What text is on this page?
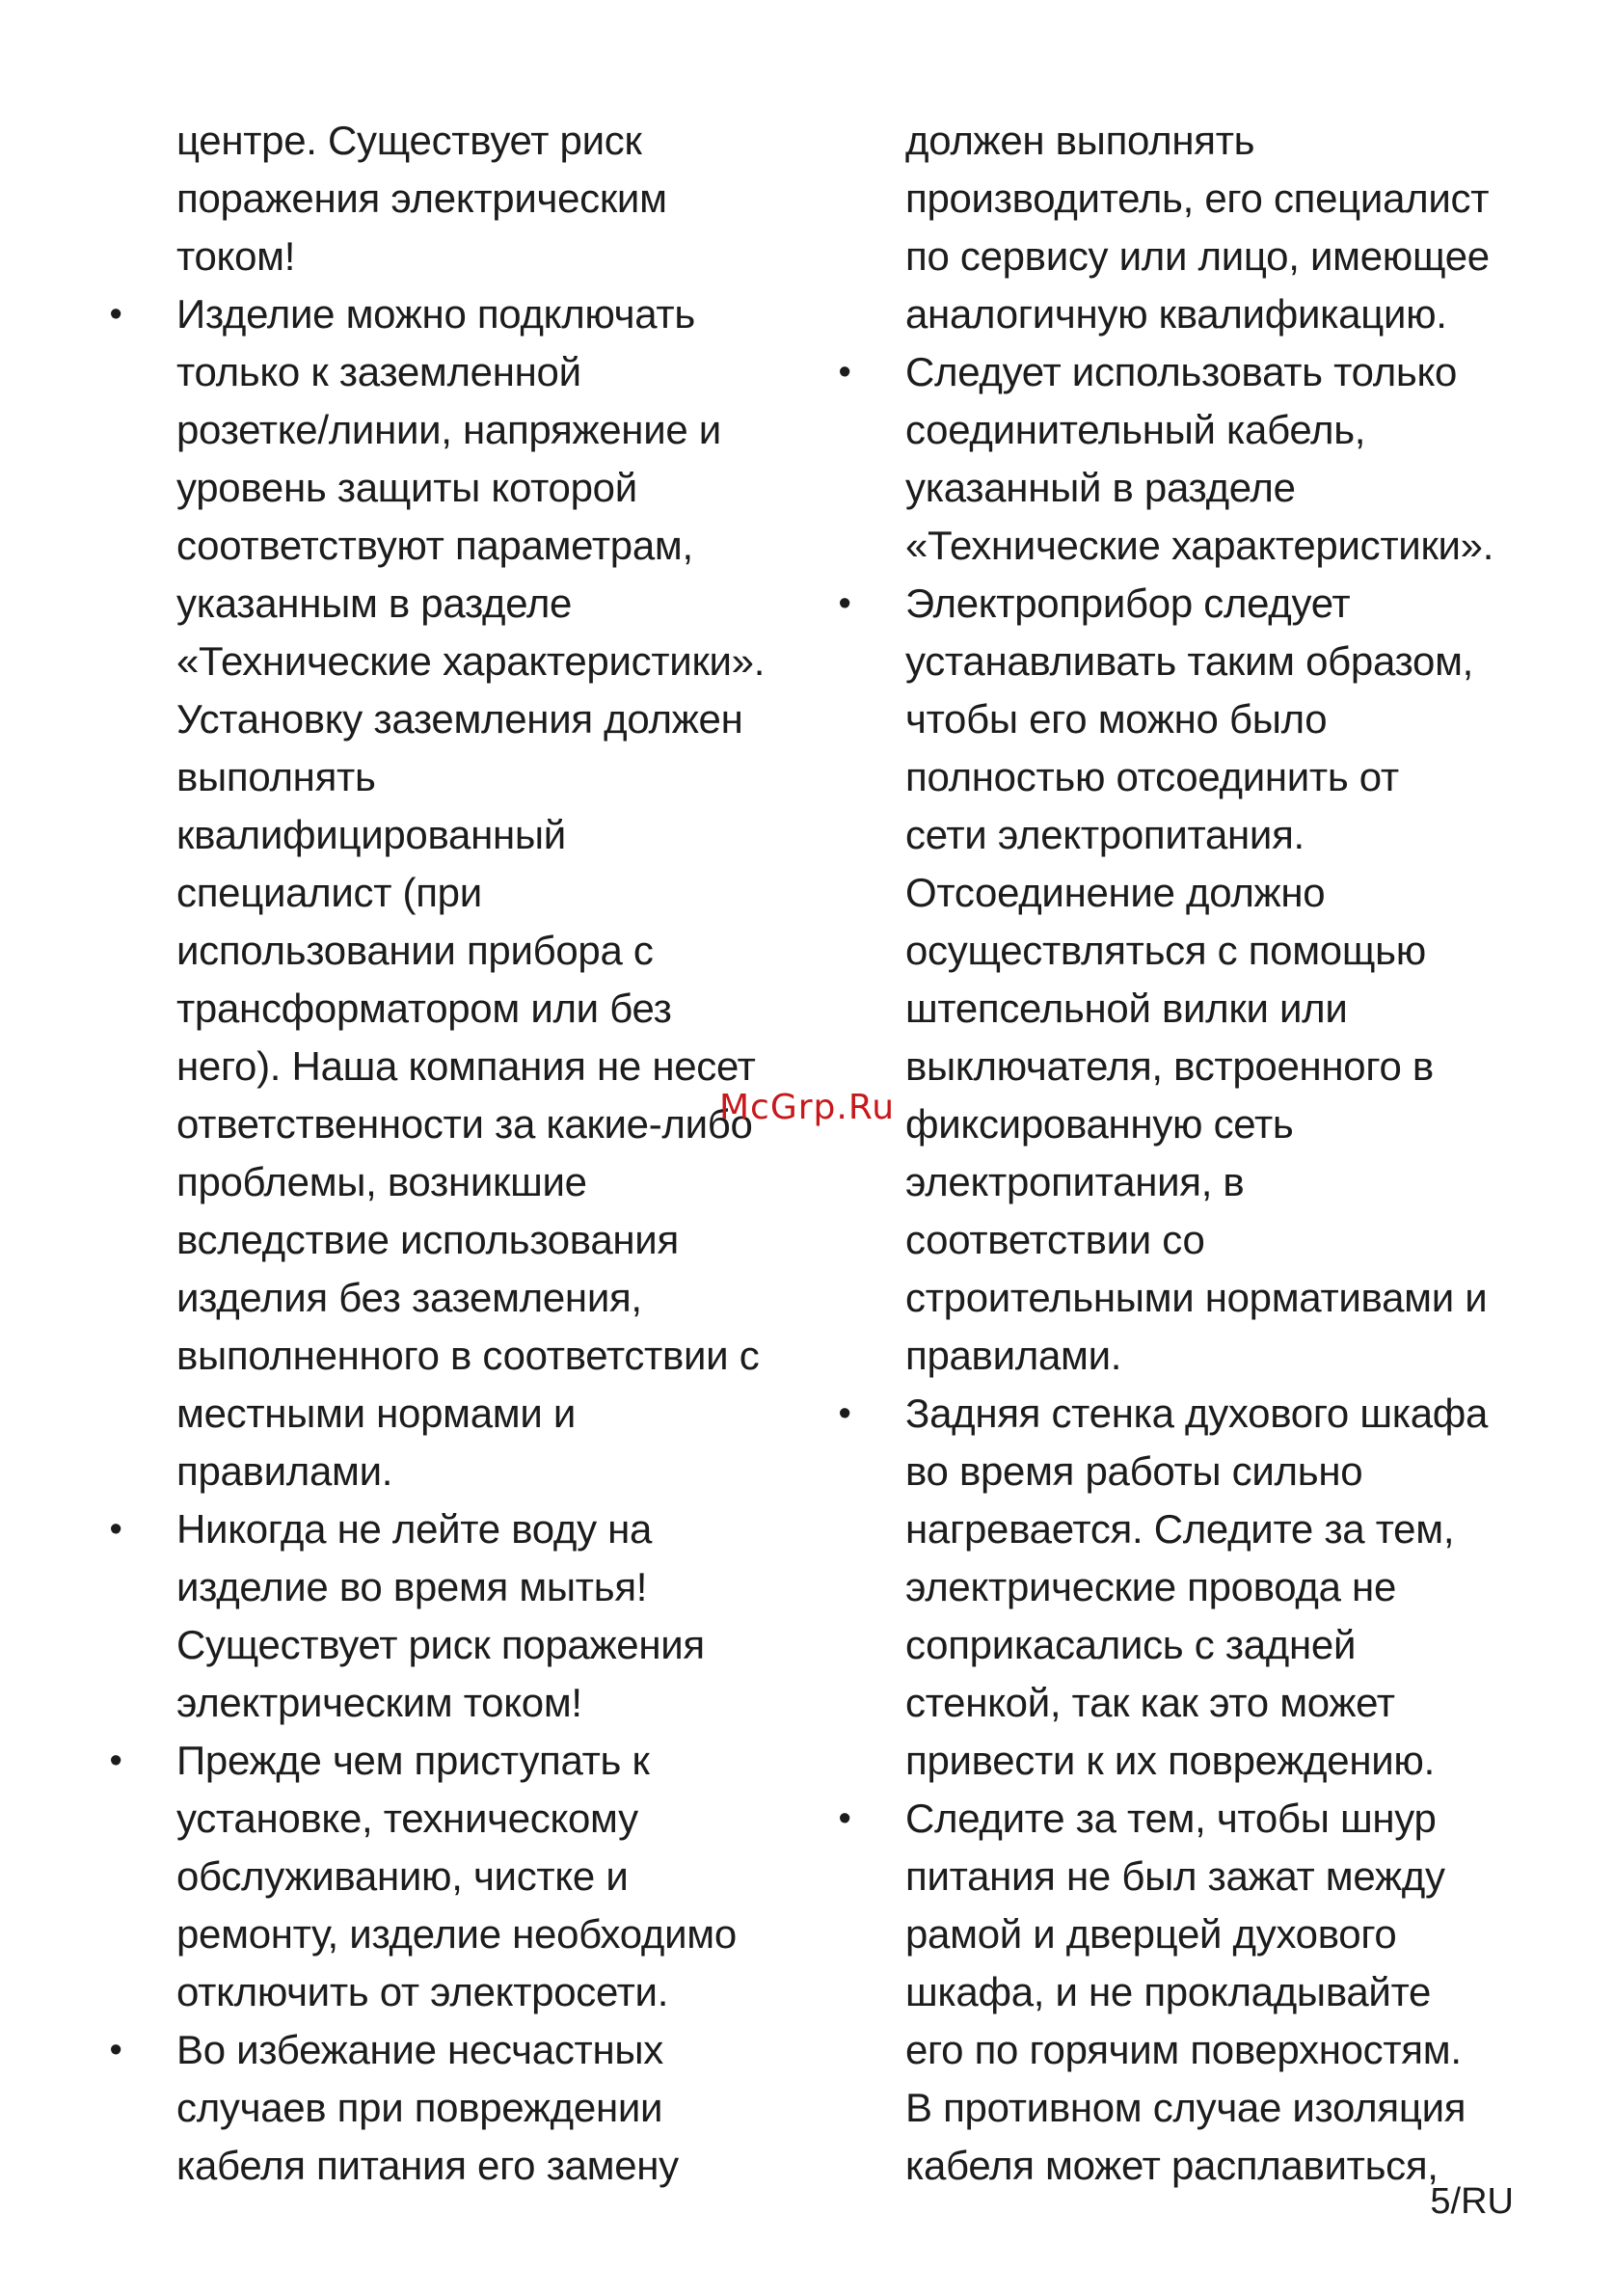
центре. Существует риск
поражения электрическим
током!
• Изделие можно подключать
только к заземленной
розетке/линии, напряжение и
уровень защиты которой
соответствуют параметрам,
указанным в разделе
«Технические характеристики».
Установку заземления должен
выполнять
квалифицированный
специалист (при
использовании прибора с
трансформатором или без
него). Наша компания не несет
ответственности за какие-либо
проблемы, возникшие
вследствие использования
изделия без заземления,
выполненного в соответствии с
местными нормами и
правилами.
• Никогда не лейте воду на
изделие во время мытья!
Существует риск поражения
электрическим током!
• Прежде чем приступать к
установке, техническому
обслуживанию, чистке и
ремонту, изделие необходимо
отключить от электросети.
• Во избежание несчастных
случаев при повреждении
кабеля питания его замену
должен выполнять
производитель, его специалист
по сервису или лицо, имеющее
аналогичную квалификацию.
• Следует использовать только
соединительный кабель,
указанный в разделе
«Технические характеристики».
• Электроприбор следует
устанавливать таким образом,
чтобы его можно было
полностью отсоединить от
сети электропитания.
Отсоединение должно
осуществляться с помощью
штепсельной вилки или
выключателя, встроенного в
фиксированную сеть
электропитания, в
соответствии со
строительными нормативами и
правилами.
• Задняя стенка духового шкафа
во время работы сильно
нагревается. Следите за тем,
электрические провода не
соприкасались с задней
стенкой, так как это может
привести к их повреждению.
• Следите за тем, чтобы шнур
питания не был зажат между
рамой и дверцей духового
шкафа, и не прокладывайте
его по горячим поверхностям.
В противном случае изоляция
кабеля может расплавиться,
McGrp.Ru
5/RU
